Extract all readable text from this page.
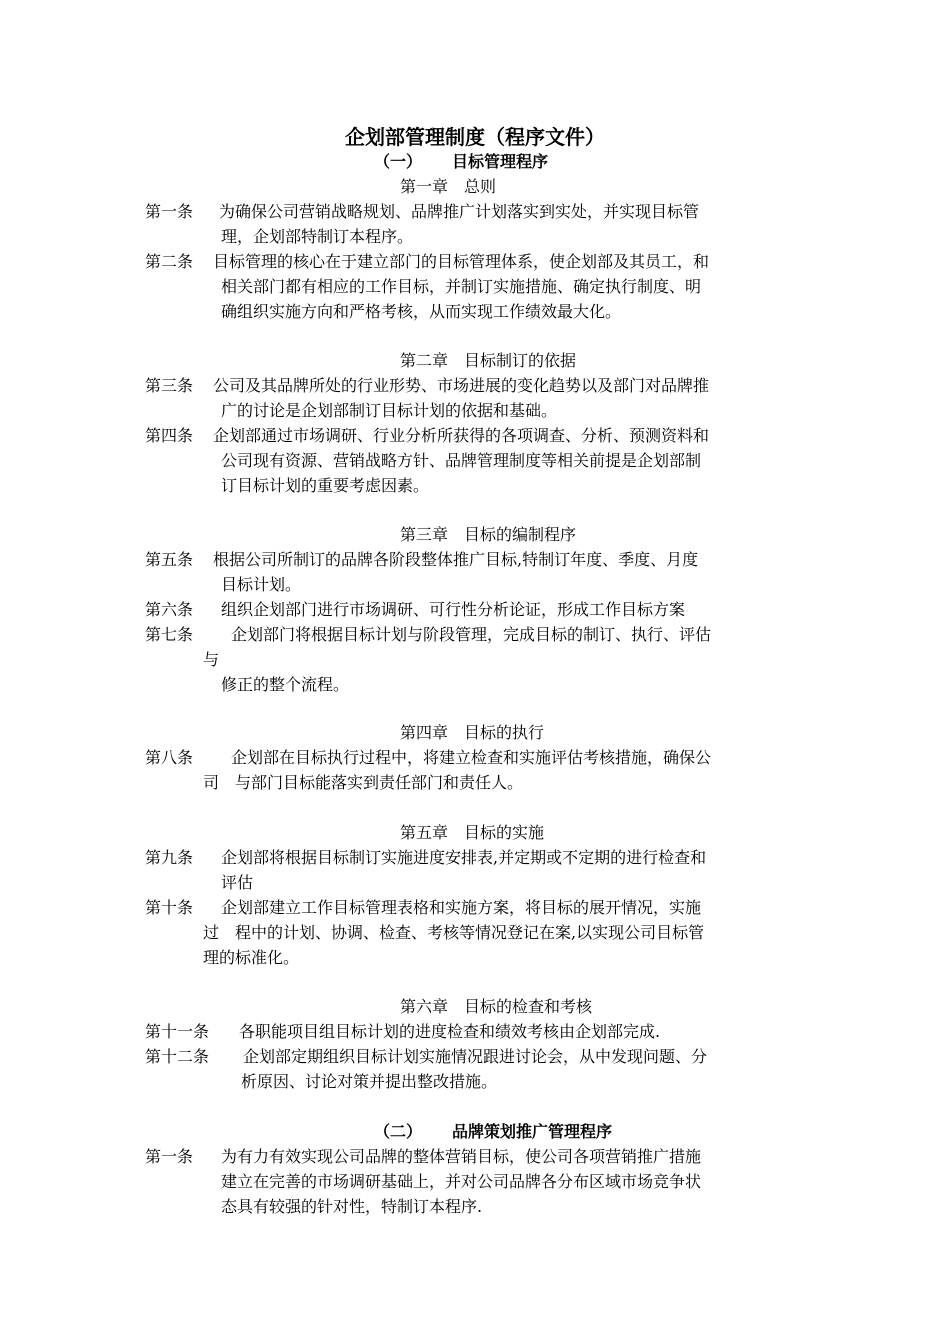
企划部管理制度（程序文件）
（一） 目标管理程序
第一章 总则
第一条 为确保公司营销战略规划、品牌推广计划落实到实处，并实现目标管
理，企划部特制订本程序。
第二条 目标管理的核心在于建立部门的目标管理体系，使企划部及其员工，和
相关部门都有相应的工作目标，并制订实施措施、确定执行制度、明
确组织实施方向和严格考核，从而实现工作绩效最大化。
第二章 目标制订的依据
第三条 公司及其品牌所处的行业形势、市场进展的变化趋势以及部门对品牌推
广的讨论是企划部制订目标计划的依据和基础。
第四条 企划部通过市场调研、行业分析所获得的各项调查、分析、预测资料和
公司现有资源、营销战略方针、品牌管理制度等相关前提是企划部制
订目标计划的重要考虑因素。
第三章 目标的编制程序
第五条 根据公司所制订的品牌各阶段整体推广目标,特制订年度、季度、月度
目标计划。
第六条 组织企划部门进行市场调研、可行性分析论证，形成工作目标方案
第七条 企划部门将根据目标计划与阶段管理，完成目标的制订、执行、评估
与
修正的整个流程。
第四章 目标的执行
第八条 企划部在目标执行过程中，将建立检查和实施评估考核措施，确保公
司　与部门目标能落实到责任部门和责任人。
第五章 目标的实施
第九条 企划部将根据目标制订实施进度安排表,并定期或不定期的进行检查和
评估
第十条 企划部建立工作目标管理表格和实施方案，将目标的展开情况，实施
过　程中的计划、协调、检查、考核等情况登记在案,以实现公司目标管
理的标准化。
第六章 目标的检查和考核
第十一条 各职能项目组目标计划的进度检查和绩效考核由企划部完成.
第十二条 企划部定期组织目标计划实施情况跟进讨论会，从中发现问题、分
析原因、讨论对策并提出整改措施。
（二） 品牌策划推广管理程序
第一条 为有力有效实现公司品牌的整体营销目标，使公司各项营销推广措施
建立在完善的市场调研基础上，并对公司品牌各分布区域市场竞争状
态具有较强的针对性，特制订本程序.
